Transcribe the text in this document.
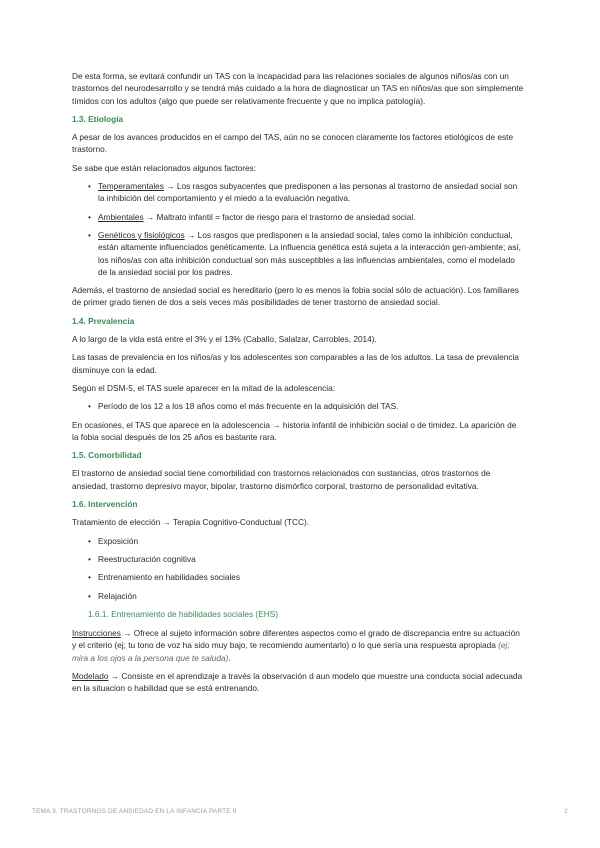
De esta forma, se evitará confundir un TAS con la incapacidad para las relaciones sociales de algunos niños/as con un trastornos del neurodesarrollo y se tendrá más cuidado a la hora de diagnosticar un TAS en niños/as que son simplemente tímidos con los adultos (algo que puede ser relativamente frecuente y que no implica patología).

1.3. Etiología

A pesar de los avances producidos en el campo del TAS, aún no se conocen claramente los factores etiológicos de este trastorno.

Se sabe que están relacionados algunos factores:

• Temperamentales → Los rasgos subyacentes que predisponen a las personas al trastorno de ansiedad social son la inhibición del comportamiento y el miedo a la evaluación negativa.
• Ambientales → Maltrato infantil = factor de riesgo para el trastorno de ansiedad social.
• Genéticos y fisiológicos → Los rasgos que predisponen a la ansiedad social, tales como la inhibición conductual, están altamente influenciados genéticamente. La influencia genética está sujeta a la interacción gen-ambiente; así, los niños/as con alta inhibición conductual son más susceptibles a las influencias ambientales, como el modelado de la ansiedad social por los padres.

Además, el trastorno de ansiedad social es hereditario (pero lo es menos la fobia social sólo de actuación). Los familiares de primer grado tienen de dos a seis veces más posibilidades de tener trastorno de ansiedad social.

1.4. Prevalencia

A lo largo de la vida está entre el 3% y el 13% (Caballo, Salalzar, Carrobles, 2014).

Las tasas de prevalencia en los niños/as y los adolescentes son comparables a las de los adultos. La tasa de prevalencia disminuye con la edad.

Según el DSM-5, el TAS suele aparecer en la mitad de la adolescencia:

• Período de los 12 a los 18 años como el más frecuente en la adquisición del TAS.

En ocasiones, el TAS que aparece en la adolescencia → historia infantil de inhibición social o de timidez. La aparición de la fobia social después de los 25 años es bastante rara.

1.5. Comorbilidad

El trastorno de ansiedad social tiene comorbilidad con trastornos relacionados con sustancias, otros trastornos de ansiedad, trastorno depresivo mayor, bipolar, trastorno dismórfico corporal, trastorno de personalidad evitativa.

1.6. Intervención

Tratamiento de elección → Terapia Cognitivo-Conductual (TCC).

• Exposición
• Reestructuración cognitiva
• Entrenamiento en habilidades sociales
• Relajación
1.6.1. Entrenamiento de habilidades sociales (EHS)

Instrucciones → Ofrece al sujeto información sobre diferentes aspectos como el grado de discrepancia entre su actuación y el criterio (ej; tu tono de voz ha sido muy bajo, te recomiendo aumentarlo) o lo que sería una respuesta apropiada (ej; mira a los ojos a la persona que te saluda).

Modelado → Consiste en el aprendizaje a través la observación d aun modelo que muestre una conducta social adecuada en la situacion o habilidad que se está entrenando.

TEMA 3. TRASTORNOS DE ANSIEDAD EN LA INFANCIA PARTE II	2
